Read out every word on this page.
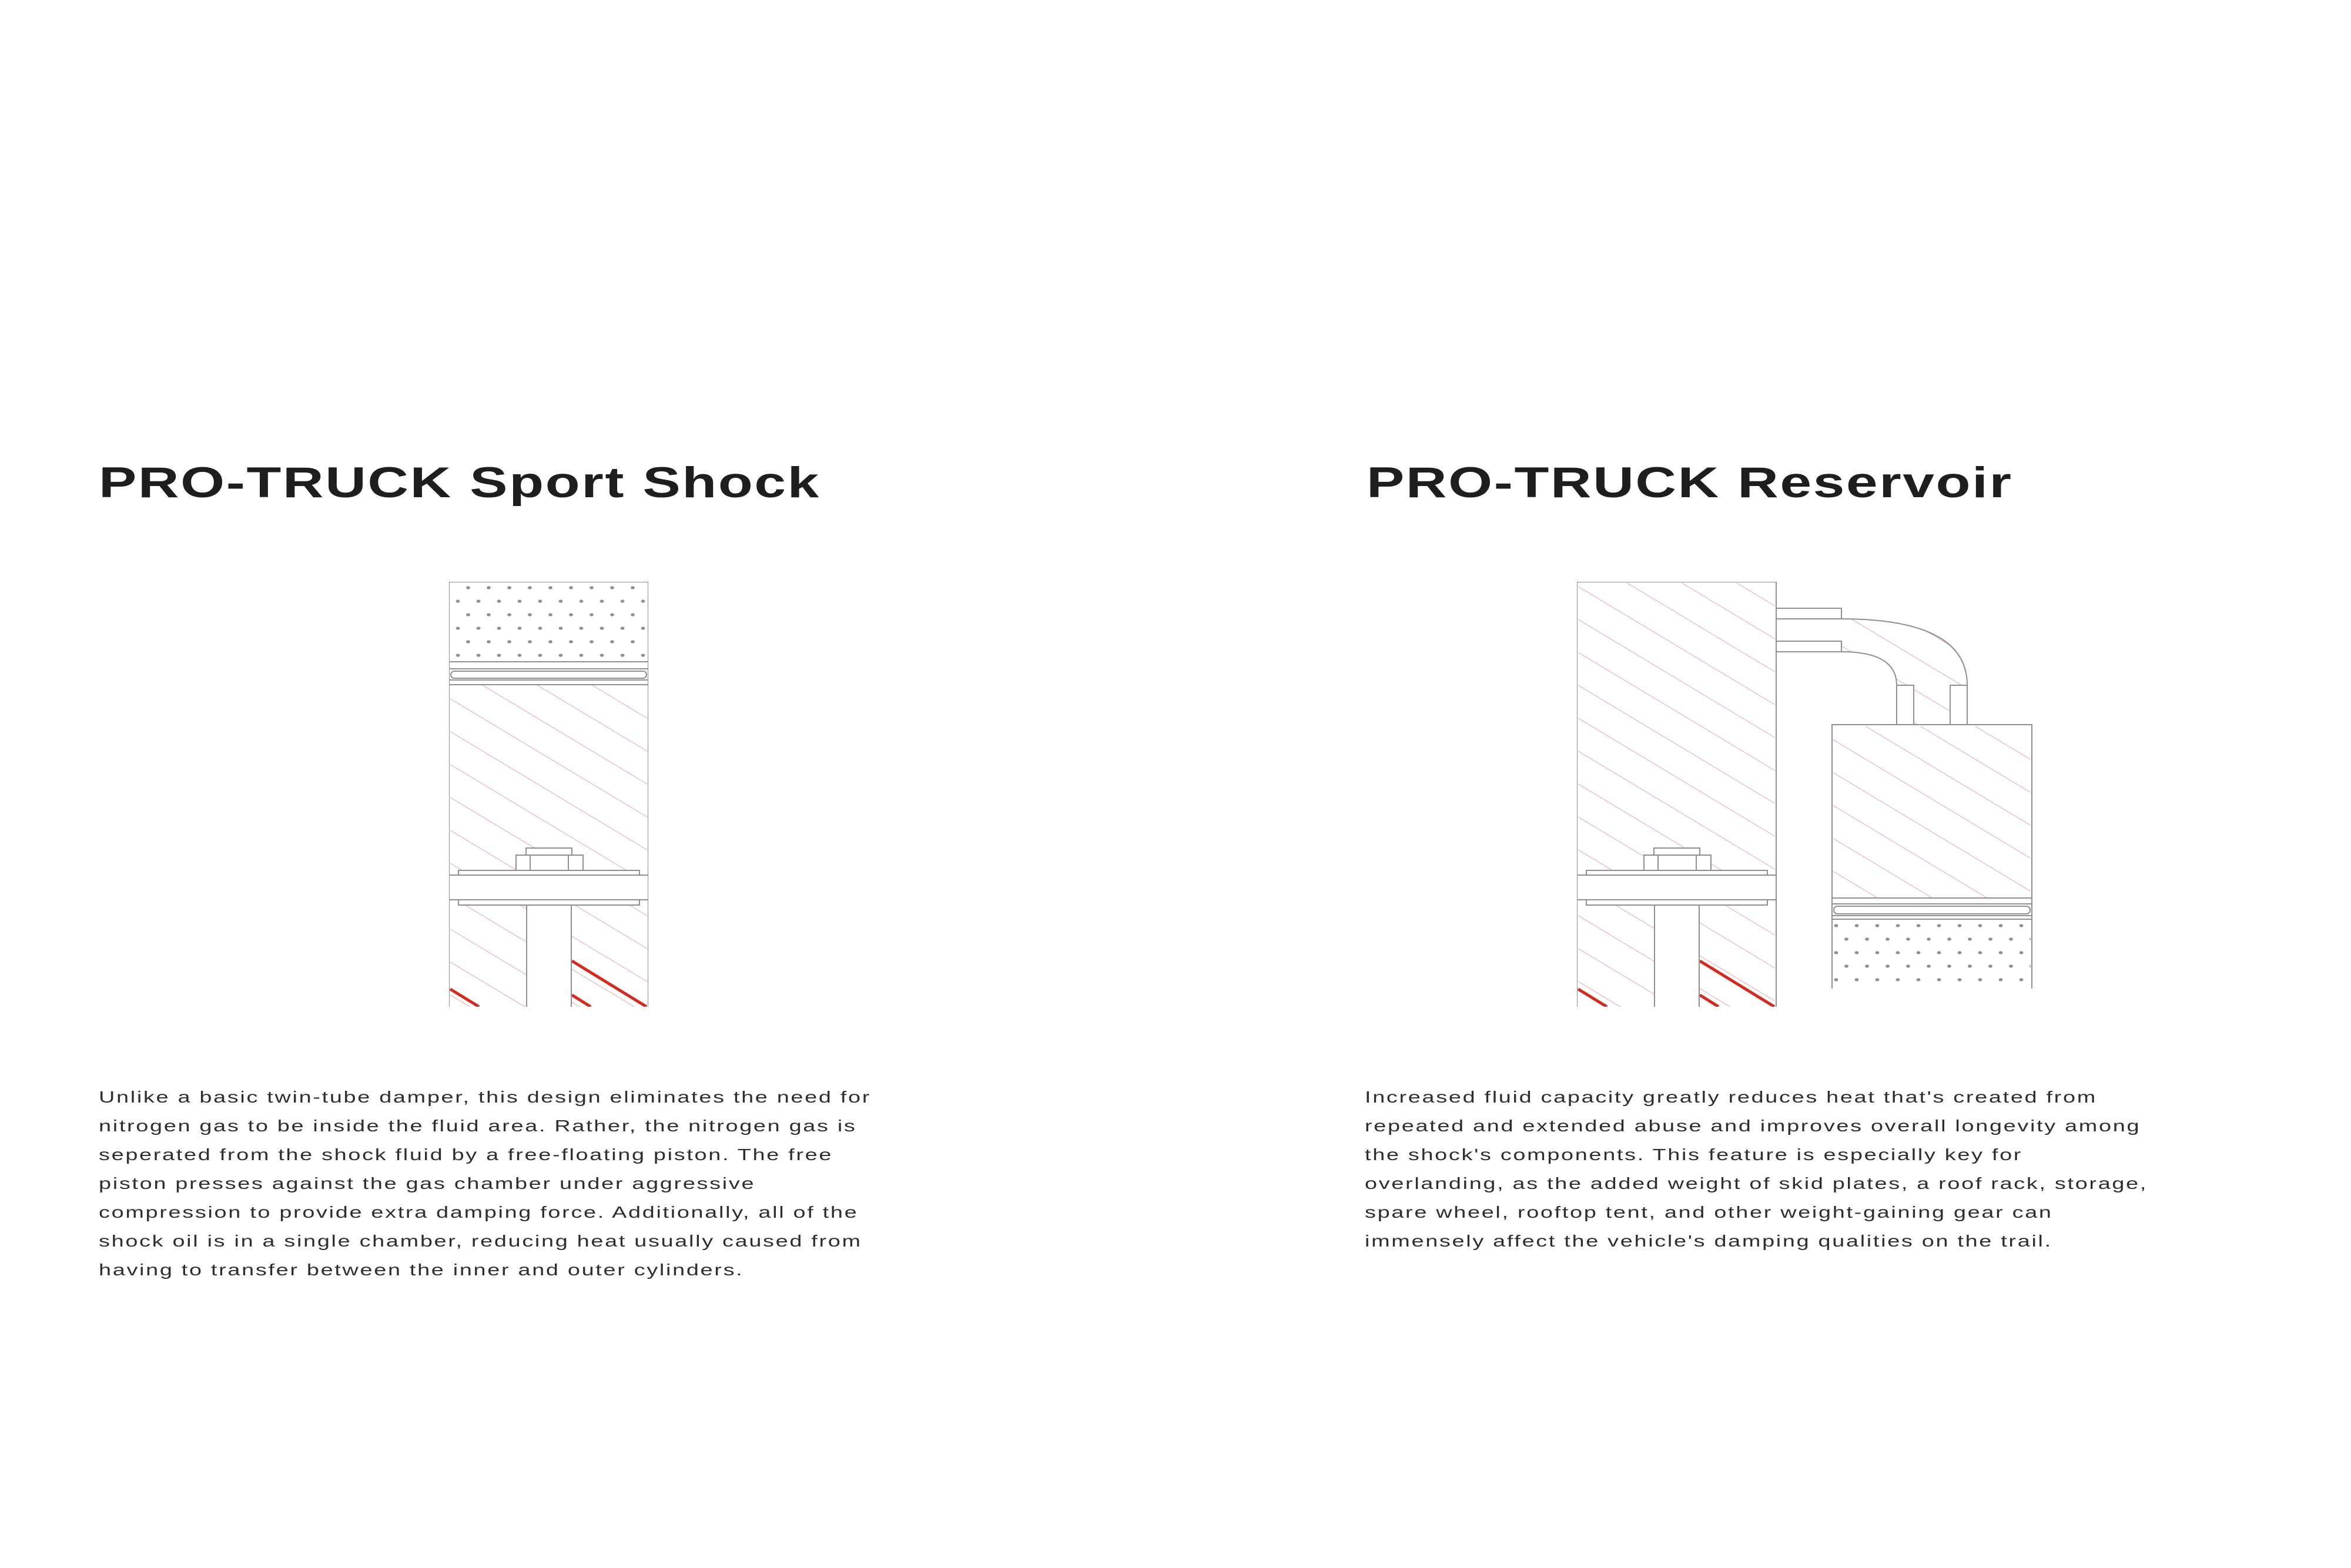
PRO-TRUCK Sport Shock	PRO-TRUCK Reservoir
Unlike a basic twin-tube damper, this design eliminates the need for
nitrogen gas to be inside the fluid area. Rather, the nitrogen gas is
seperated from the shock fluid by a free-floating piston. The free
piston presses against the gas chamber under aggressive
compression to provide extra damping force. Additionally, all of the
shock oil is in a single chamber, reducing heat usually caused from
having to transfer between the inner and outer cylinders.
Increased fluid capacity greatly reduces heat that's created from
repeated and extended abuse and improves overall longevity among
the shock's components. This feature is especially key for
overlanding, as the added weight of skid plates, a roof rack, storage,
spare wheel, rooftop tent, and other weight-gaining gear can
immensely affect the vehicle's damping qualities on the trail.
